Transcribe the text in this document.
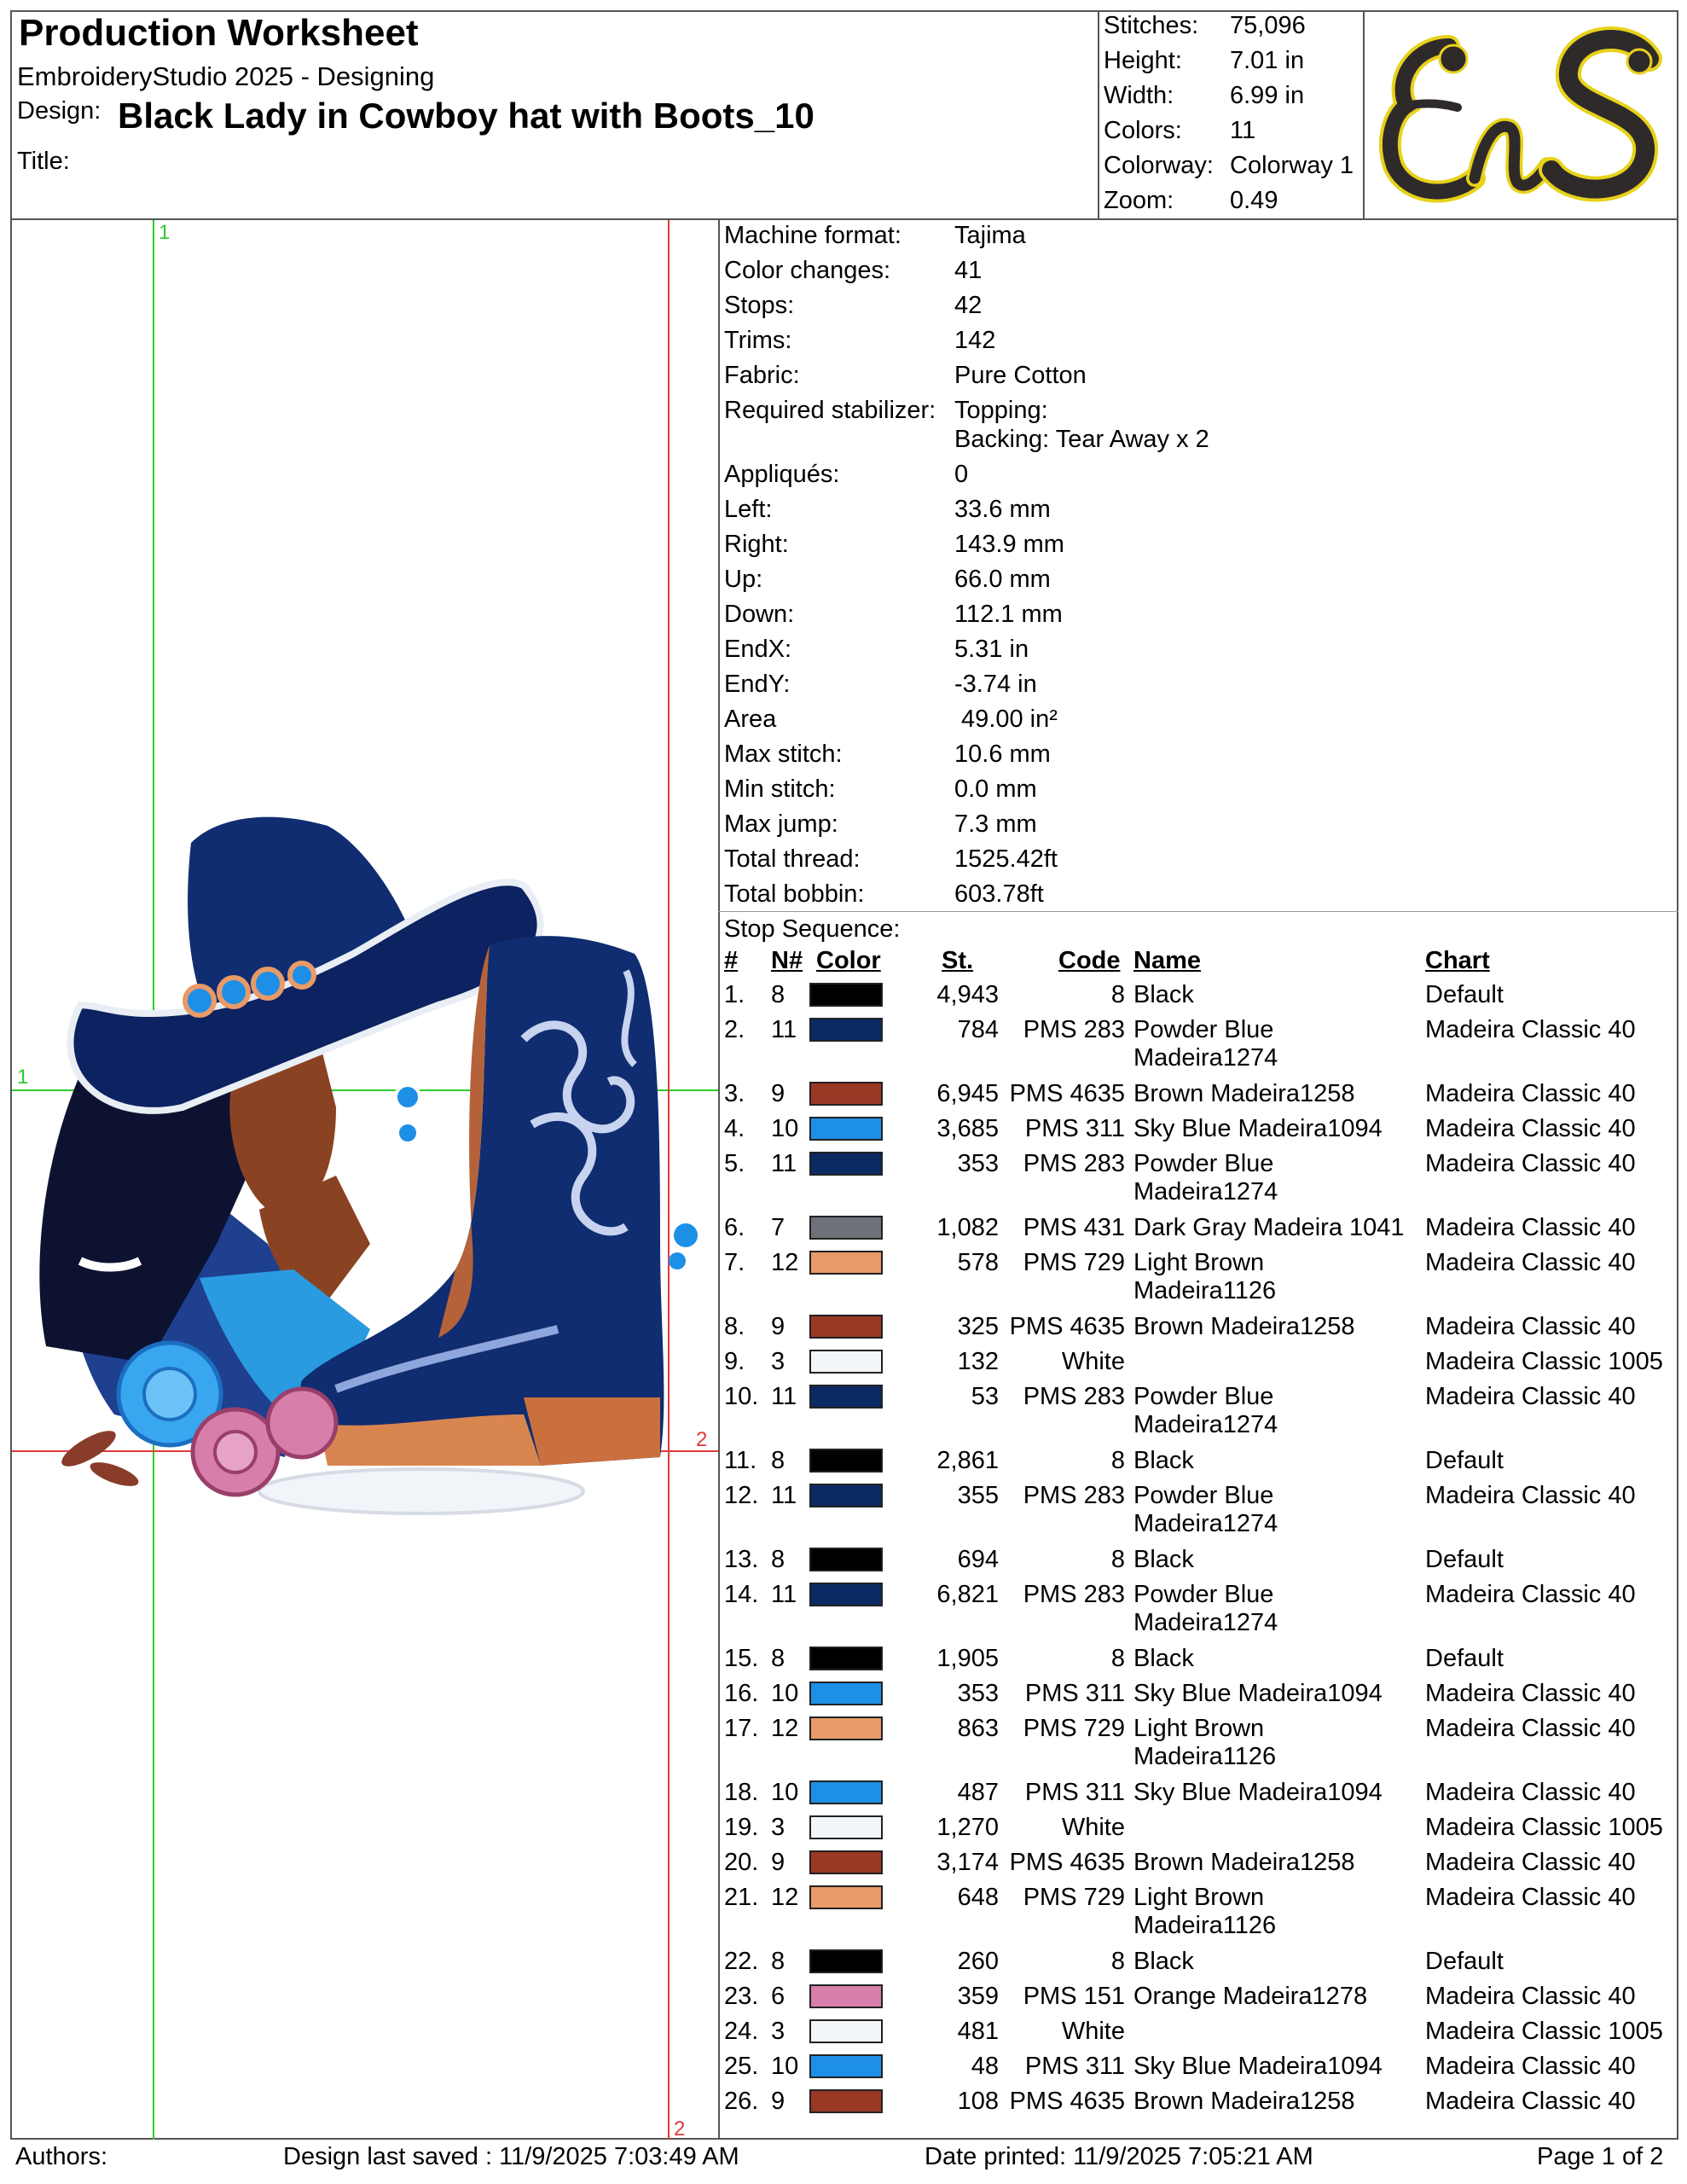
Production Worksheet
EmbroideryStudio 2025 - Designing
Design: Black Lady in Cowboy hat with Boots_10
Title:
Stitches: 75,096
Height: 7.01 in
Width: 6.99 in
Colors: 11
Colorway: Colorway 1
Zoom: 0.49
1
1
2
2
Machine format: Tajima
Color changes:	41
Stops:	42
Trims:	142
Fabric:	Pure Cotton
Required stabilizer: Topping:
Backing: Tear Away x 2
Appliqués:	0
Left:	33.6 mm
Right:	143.9 mm
Up:	66.0 mm
Down:	112.1 mm
EndX:	5.31 in
EndY:	-3.74 in
Area	49.00 in²
Max stitch:	10.6 mm
Min stitch:	0.0 mm
Max jump:	7.3 mm
Total thread:	1525.42ft
Total bobbin:	603.78ft
Stop Sequence:
# N# Color St.	Code Name	Chart
1. 8	4,943	8 Black	Default
2. 11	784 PMS 283 Powder Blue	Madeira Classic 40
Madeira1274
3. 9	6,945 PMS 4635 Brown Madeira1258	Madeira Classic 40
4. 10	3,685	PMS 311 Sky Blue Madeira1094 Madeira Classic 40
5. 11	353 PMS 283 Powder Blue	Madeira Classic 40
Madeira1274
6. 7	1,082 PMS 431 Dark Gray Madeira 1041 Madeira Classic 40
7. 12	578 PMS 729 Light Brown	Madeira Classic 40
Madeira1126
8. 9	325 PMS 4635 Brown Madeira1258	Madeira Classic 40
9. 3	132	White	Madeira Classic 1005
10. 11	53 PMS 283 Powder Blue	Madeira Classic 40
Madeira1274
11. 8	2,861	8 Black	Default
12. 11	355 PMS 283 Powder Blue	Madeira Classic 40
Madeira1274
13. 8	694	8 Black	Default
14. 11	6,821 PMS 283 Powder Blue	Madeira Classic 40
Madeira1274
15. 8	1,905	8 Black	Default
16. 10	353	PMS 311 Sky Blue Madeira1094 Madeira Classic 40
17. 12	863 PMS 729 Light Brown	Madeira Classic 40
Madeira1126
18. 10	487	PMS 311 Sky Blue Madeira1094 Madeira Classic 40
19. 3	1,270	White	Madeira Classic 1005
20. 9	3,174 PMS 4635 Brown Madeira1258	Madeira Classic 40
21. 12	648 PMS 729 Light Brown	Madeira Classic 40
Madeira1126
22. 8	260	8 Black	Default
23. 6	359 PMS 151 Orange Madeira1278 Madeira Classic 40
24. 3	481	White	Madeira Classic 1005
25. 10	48	PMS 311 Sky Blue Madeira1094 Madeira Classic 40
26. 9	108 PMS 4635 Brown Madeira1258	Madeira Classic 40
Authors:	Design last saved : 11/9/2025 7:03:49 AM	Date printed: 11/9/2025 7:05:21 AM	Page 1 of 2
